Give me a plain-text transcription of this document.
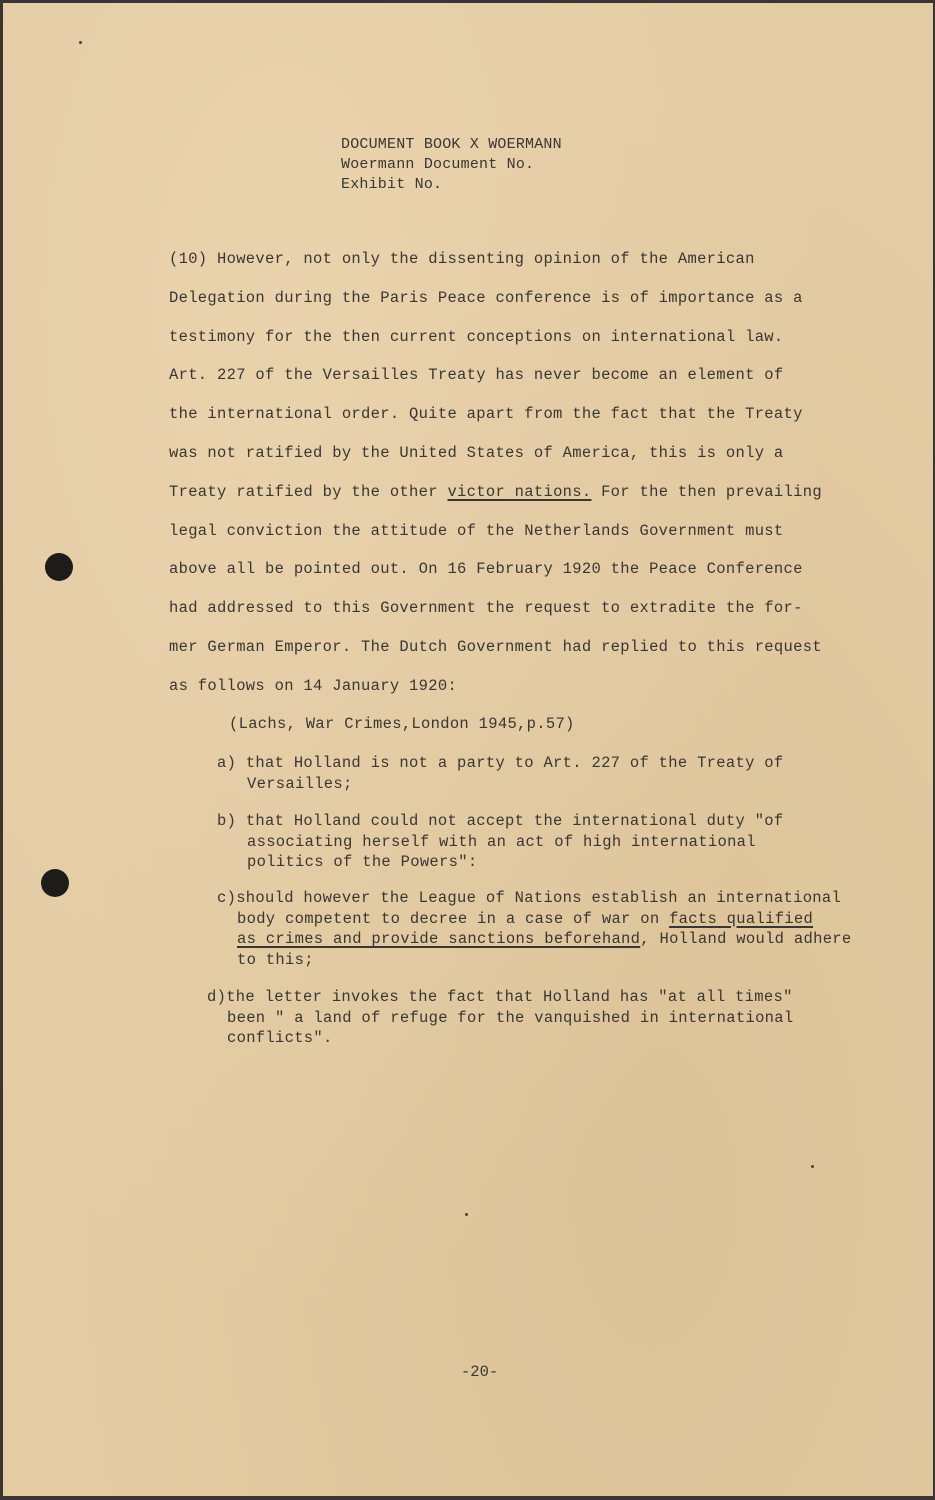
DOCUMENT BOOK X WOERMANN
Woermann Document No.
Exhibit No.
(10) However, not only the dissenting opinion of the American
Delegation during the Paris Peace conference is of importance as a
testimony for the then current conceptions on international law.
Art. 227 of the Versailles Treaty has never become an element of
the international order. Quite apart from the fact that the Treaty
was not ratified by the United States of America, this is only a
Treaty ratified by the other victor nations. For the then prevailing
legal conviction the attitude of the Netherlands Government must
above all be pointed out. On 16 February 1920 the Peace Conference
had addressed to this Government the request to extradite the for-
mer German Emperor. The Dutch Government had replied to this request
as follows on 14 January 1920:
(Lachs, War Crimes,London 1945,p.57)
a) that Holland is not a party to Art. 227 of the Treaty of
Versailles;
b) that Holland could not accept the international duty "of
associating herself with an act of high international
politics of the Powers":
c)should however the League of Nations establish an international
body competent to decree in a case of war on facts qualified
as crimes and provide sanctions beforehand, Holland would adhere
to this;
d)the letter invokes the fact that Holland has "at all times"
been " a land of refuge for the vanquished in international
conflicts".
-20-
